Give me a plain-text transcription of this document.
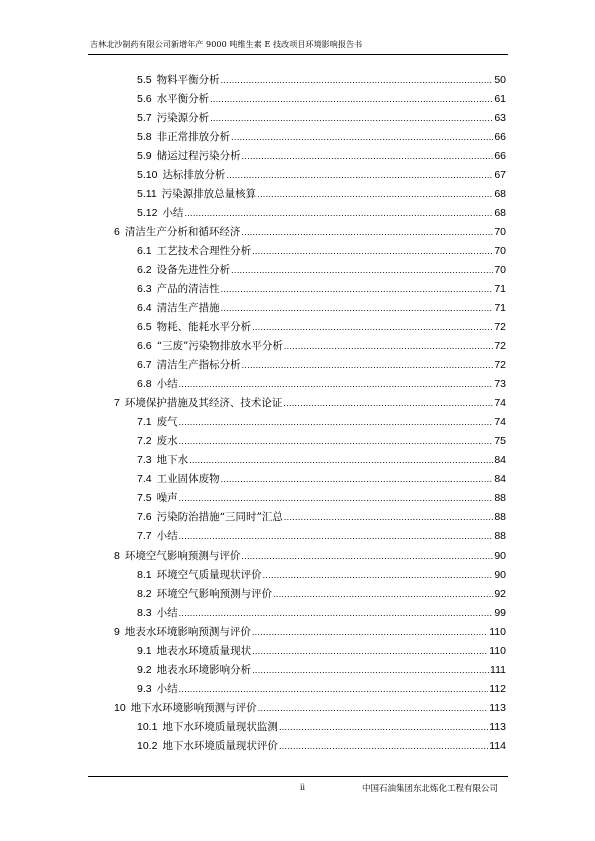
吉林北沙制药有限公司新增年产 9000 吨维生素 E 技改项目环境影响报告书
5.5 物料平衡分析 .....	50
5.6 水平衡分析 .....	61
5.7 污染源分析 .....	63
5.8 非正常排放分析 .....	66
5.9 储运过程污染分析 .....	66
5.10 达标排放分析 .....	67
5.11 污染源排放总量核算 .....	68
5.12 小结 .....	68
6 清洁生产分析和循环经济 .....	70
6.1 工艺技术合理性分析 .....	70
6.2 设备先进性分析 .....	70
6.3 产品的清洁性 .....	71
6.4 清洁生产措施 .....	71
6.5 物耗、能耗水平分析 .....	72
6.6 “三废”污染物排放水平分析 .....	72
6.7 清洁生产指标分析 .....	72
6.8 小结 .....	73
7 环境保护措施及其经济、技术论证 .....	74
7.1 废气 .....	74
7.2 废水 .....	75
7.3 地下水 .....	84
7.4 工业固体废物 .....	84
7.5 噪声 .....	88
7.6 污染防治措施“三同时”汇总 .....	88
7.7 小结 .....	88
8 环境空气影响预测与评价 .....	90
8.1 环境空气质量现状评价 .....	90
8.2 环境空气影响预测与评价 .....	92
8.3 小结 .....	99
9 地表水环境影响预测与评价 .....	110
9.1 地表水环境质量现状 .....	110
9.2 地表水环境影响分析 .....	111
9.3 小结 .....	112
10 地下水环境影响预测与评价 .....	113
10.1 地下水环境质量现状监测 .....	113
10.2 地下水环境质量现状评价 .....	114
ii	中国石油集团东北炼化工程有限公司
